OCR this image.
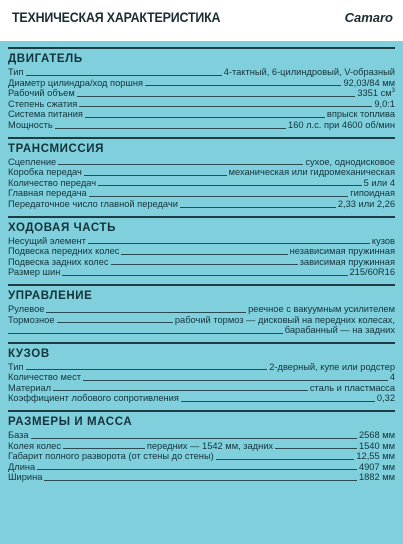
ТЕХНИЧЕСКАЯ ХАРАКТЕРИСТИКА	Camaro
ДВИГАТЕЛЬ
Тип	4-тактный, 6-цилиндровый, V-образный
Диаметр цилиндра/ход поршня	92,03/84 мм
Рабочий объем	3351 $см^3$
Степень сжатия	9,0:1
Система питания	впрыск топлива
Мощность	160 л.с. при 4600 об/мин
ТРАНСМИССИЯ
Сцепление	сухое, однодисковое
Коробка передач	механическая или гидромеханическая
Количество передач	5 или 4
Главная передача	гипоидная
Передаточное число главной передачи	2,33 или 2,26
ХОДОВАЯ ЧАСТЬ
Несущий элемент	кузов
Подвеска передних колес	независимая пружинная
Подвеска задних колес	зависимая пружинная
Размер шин	215/60R16
УПРАВЛЕНИЕ
Рулевое	реечное с вакуумным усилителем
Тормозное	рабочий тормоз — дисковый на передних колесах,
барабанный — на задних
КУЗОВ
Тип	2-дверный, купе или родстер
Количество мест	4
Материал	сталь и пластмасса
Коэффициент лобового сопротивления	0,32
РАЗМЕРЫ И МАССА
База	2568 мм
Колея колес	передних — 1542 мм, задних	1540 мм
Габарит полного разворота (от стены до стены)	12,55 мм
Длина	4907 мм
Ширина	1882 мм
